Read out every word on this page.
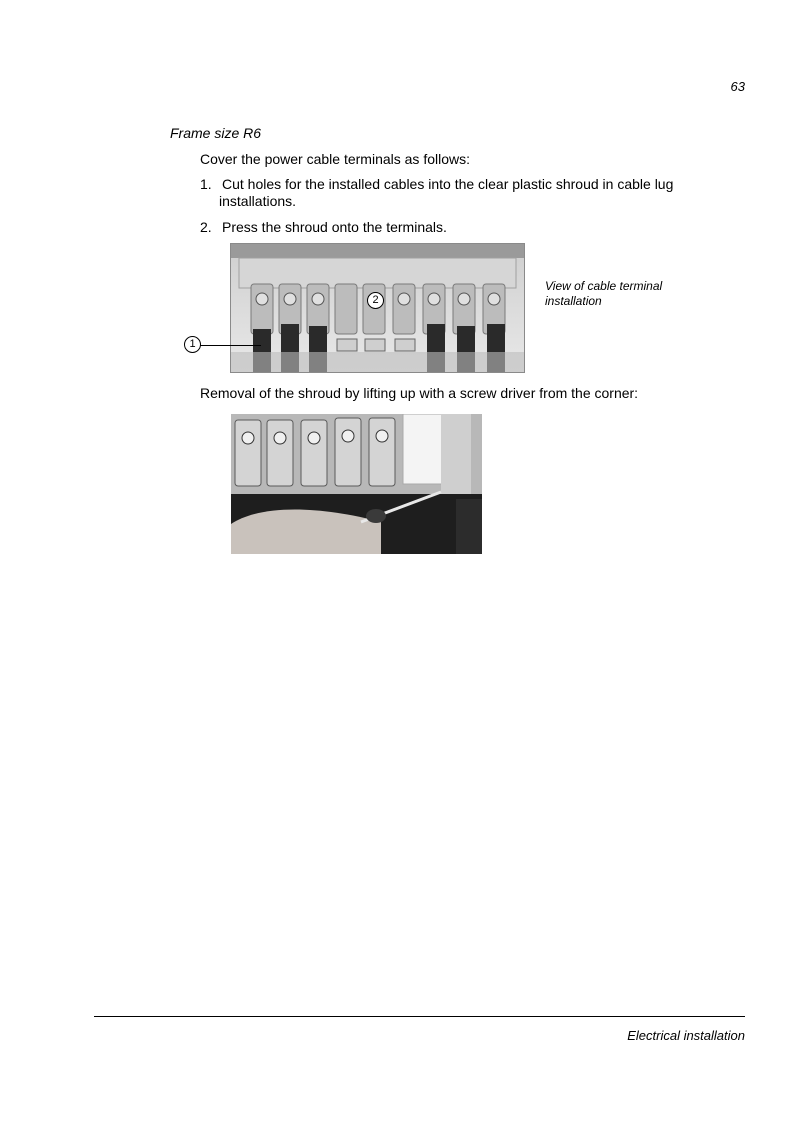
63
Frame size R6
Cover the power cable terminals as follows:
1. Cut holes for the installed cables into the clear plastic shroud in cable lug
installations.
2. Press the shroud onto the terminals.
1
2
View of cable terminal
installation
Removal of the shroud by lifting up with a screw driver from the corner:
Electrical installation
